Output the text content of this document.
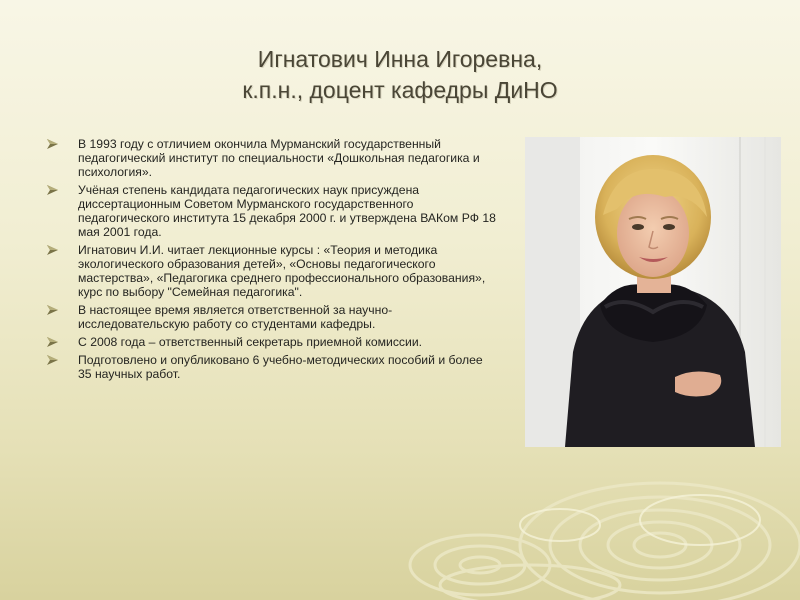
Игнатович Инна Игоревна,
к.п.н., доцент кафедры ДиНО
В 1993 году с отличием окончила Мурманский государственный педагогический институт по специальности «Дошкольная педагогика и психология».
Учёная степень кандидата педагогических наук присуждена диссертационным Советом Мурманского государственного педагогического института 15 декабря 2000 г. и утверждена ВАКом РФ 18 мая 2001 года.
Игнатович И.И. читает лекционные курсы : «Теория и методика экологического образования детей», «Основы педагогического мастерства», «Педагогика среднего профессионального образования», курс по выбору "Семейная педагогика".
В настоящее время является ответственной за научно-исследовательскую работу со студентами кафедры.
С 2008 года – ответственный секретарь приемной комиссии.
Подготовлено и опубликовано 6 учебно-методических пособий и более 35 научных работ.
